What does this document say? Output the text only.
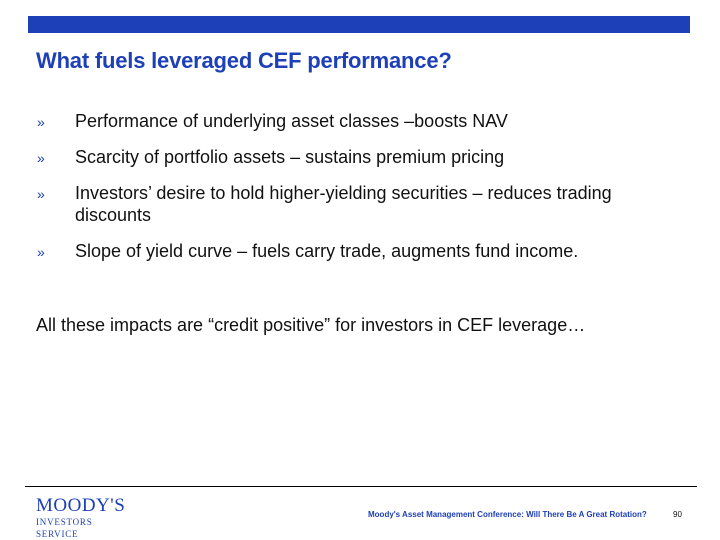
What fuels leveraged CEF performance?
»	Performance of underlying asset classes –boosts NAV
»	Scarcity of portfolio assets – sustains premium pricing
»	Investors’ desire to hold higher-yielding securities – reduces trading discounts
»	Slope of yield curve – fuels carry trade, augments fund income.
All these impacts are “credit positive” for investors in CEF leverage…
MOODY'S
INVESTORS SERVICE
Moody's Asset Management Conference: Will There Be A Great Rotation?	90
